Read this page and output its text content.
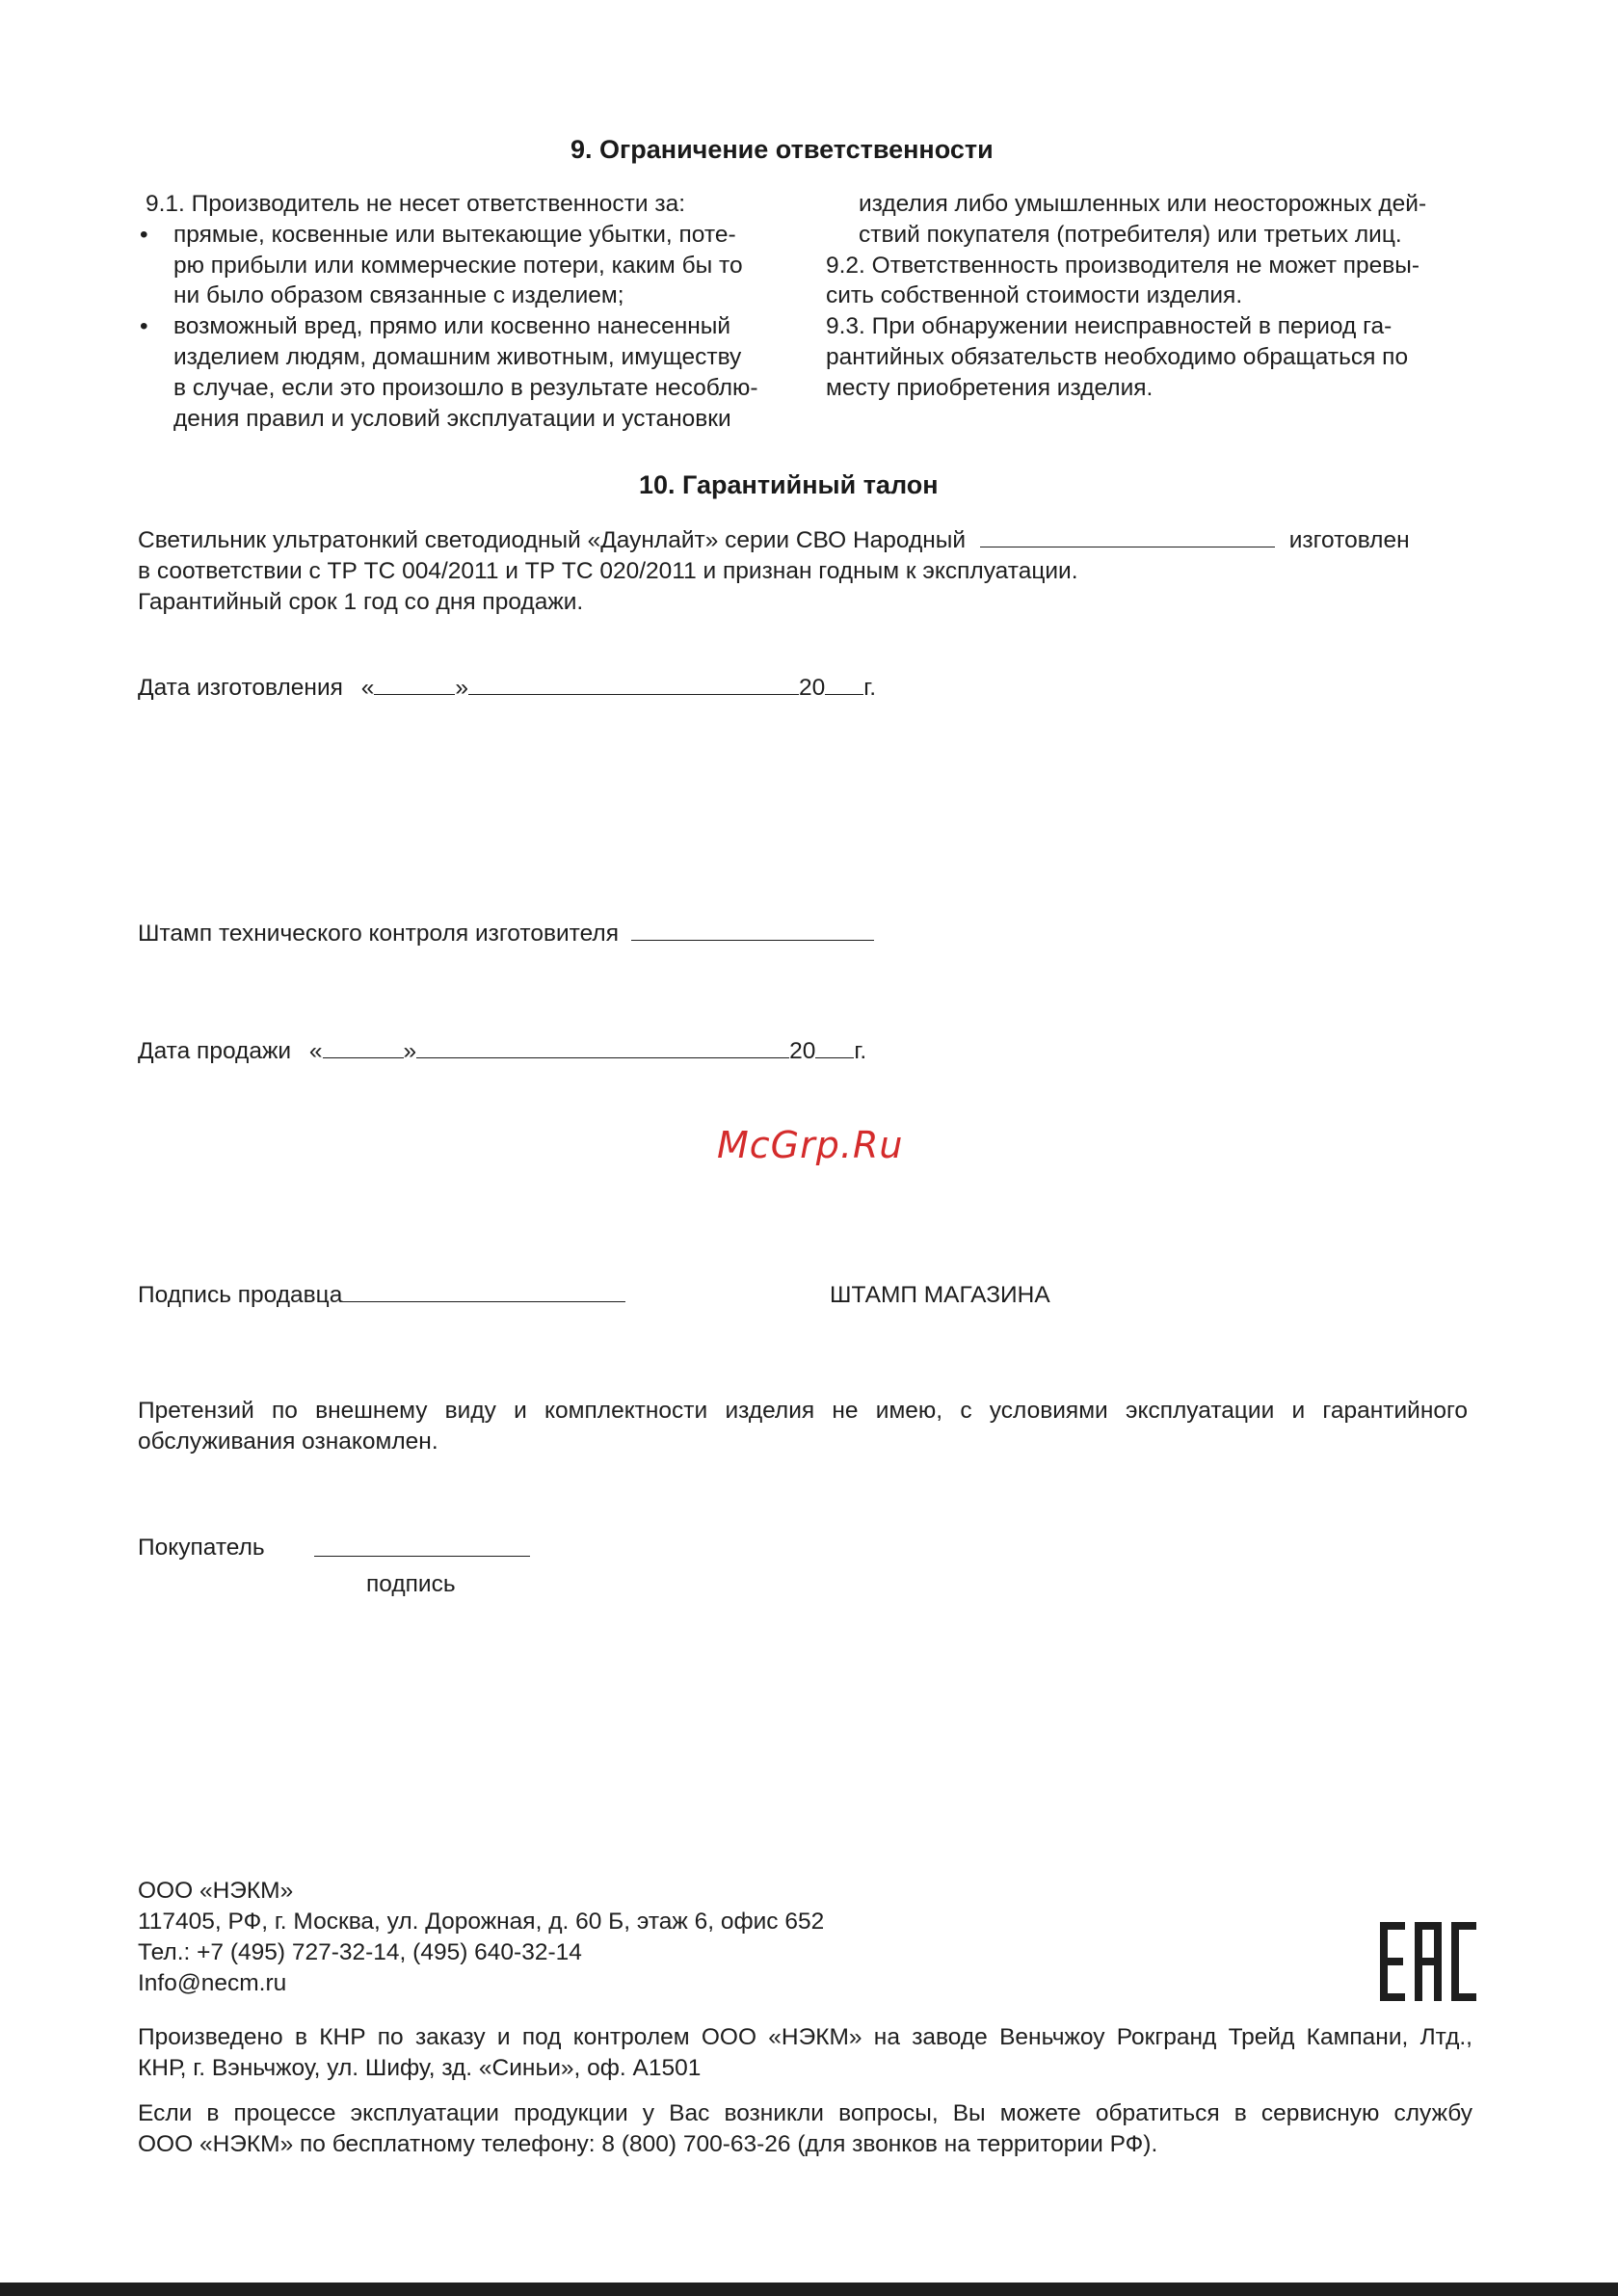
9. Ограничение ответственности
9.1. Производитель не несет ответственности за:
• прямые, косвенные или вытекающие убытки, поте-
рю прибыли или коммерческие потери, каким бы то
ни было образом связанные с изделием;
• возможный вред, прямо или косвенно нанесенный
изделием людям, домашним животным, имуществу
в случае, если это произошло в результате несоблю-
дения правил и условий эксплуатации и установки
изделия либо умышленных или неосторожных дей-
ствий покупателя (потребителя) или третьих лиц.
9.2. Ответственность производителя не может превы-
сить собственной стоимости изделия.
9.3. При обнаружении неисправностей в период га-
рантийных обязательств необходимо обращаться по
месту приобретения изделия.
10. Гарантийный талон
Светильник ультратонкий светодиодный «Даунлайт» серии СВО Народный	изготовлен
в соответствии с ТР ТС 004/2011 и ТР ТС 020/2011 и признан годным к эксплуатации.
Гарантийный срок 1 год со дня продажи.
Дата изготовления «	»	20 г.
Штамп технического контроля изготовителя
Дата продажи «	»	20 г.
McGrp.Ru
Подпись продавца	ШТАМП МАГАЗИНА
Претензий по внешнему виду и комплектности изделия не имею, с условиями эксплуатации и гарантийного
обслуживания ознакомлен.
Покупатель
подпись
ООО «НЭКМ»
117405, РФ, г. Москва, ул. Дорожная, д. 60 Б, этаж 6, офис 652
Тел.: +7 (495) 727-32-14, (495) 640-32-14
Info@necm.ru
Произведено в КНР по заказу и под контролем ООО «НЭКМ» на заводе Веньчжоу Рокгранд Трейд Кампани, Лтд.,
КНР, г. Вэньчжоу, ул. Шифу, зд. «Синьи», оф. А1501
Если в процессе эксплуатации продукции у Вас возникли вопросы, Вы можете обратиться в сервисную службу
ООО «НЭКМ» по бесплатному телефону: 8 (800) 700-63-26 (для звонков на территории РФ).
